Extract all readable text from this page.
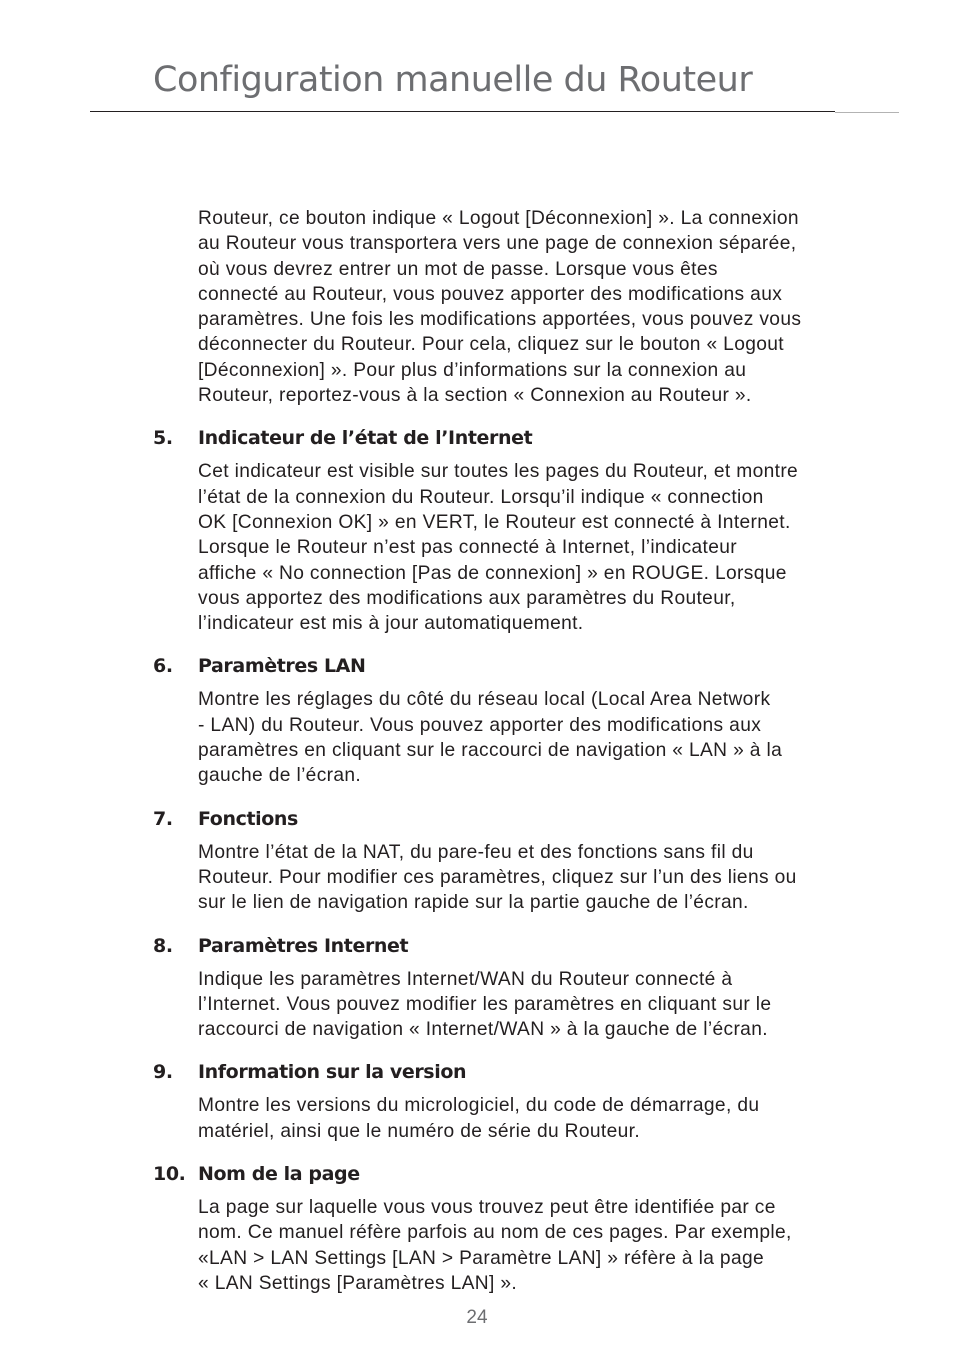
Configuration manuelle du Routeur

Routeur, ce bouton indique « Logout [Déconnexion] ». La connexion
au Routeur vous transportera vers une page de connexion séparée,
où vous devrez entrer un mot de passe. Lorsque vous êtes
connecté au Routeur, vous pouvez apporter des modifications aux
paramètres. Une fois les modifications apportées, vous pouvez vous
déconnecter du Routeur. Pour cela, cliquez sur le bouton « Logout
[Déconnexion] ». Pour plus d’informations sur la connexion au
Routeur, reportez-vous à la section « Connexion au Routeur ».

5.	Indicateur de l’état de l’Internet

Cet indicateur est visible sur toutes les pages du Routeur, et montre
l’état de la connexion du Routeur. Lorsqu’il indique « connection
OK [Connexion OK] » en VERT, le Routeur est connecté à Internet.
Lorsque le Routeur n’est pas connecté à Internet, l’indicateur
affiche « No connection [Pas de connexion] » en ROUGE. Lorsque
vous apportez des modifications aux paramètres du Routeur,
l’indicateur est mis à jour automatiquement.

6.	Paramètres LAN

Montre les réglages du côté du réseau local (Local Area Network
- LAN) du Routeur. Vous pouvez apporter des modifications aux
paramètres en cliquant sur le raccourci de navigation « LAN » à la
gauche de l’écran.

7.	Fonctions

Montre l’état de la NAT, du pare-feu et des fonctions sans fil du
Routeur. Pour modifier ces paramètres, cliquez sur l’un des liens ou
sur le lien de navigation rapide sur la partie gauche de l’écran.

8.	Paramètres Internet

Indique les paramètres Internet/WAN du Routeur connecté à
l’Internet. Vous pouvez modifier les paramètres en cliquant sur le
raccourci de navigation « Internet/WAN » à la gauche de l’écran.

9.	Information sur la version

Montre les versions du micrologiciel, du code de démarrage, du
matériel, ainsi que le numéro de série du Routeur.

10. Nom de la page

La page sur laquelle vous vous trouvez peut être identifiée par ce
nom. Ce manuel réfère parfois au nom de ces pages. Par exemple,
«LAN > LAN Settings [LAN > Paramètre LAN] » réfère à la page
« LAN Settings [Paramètres LAN] ».

24
